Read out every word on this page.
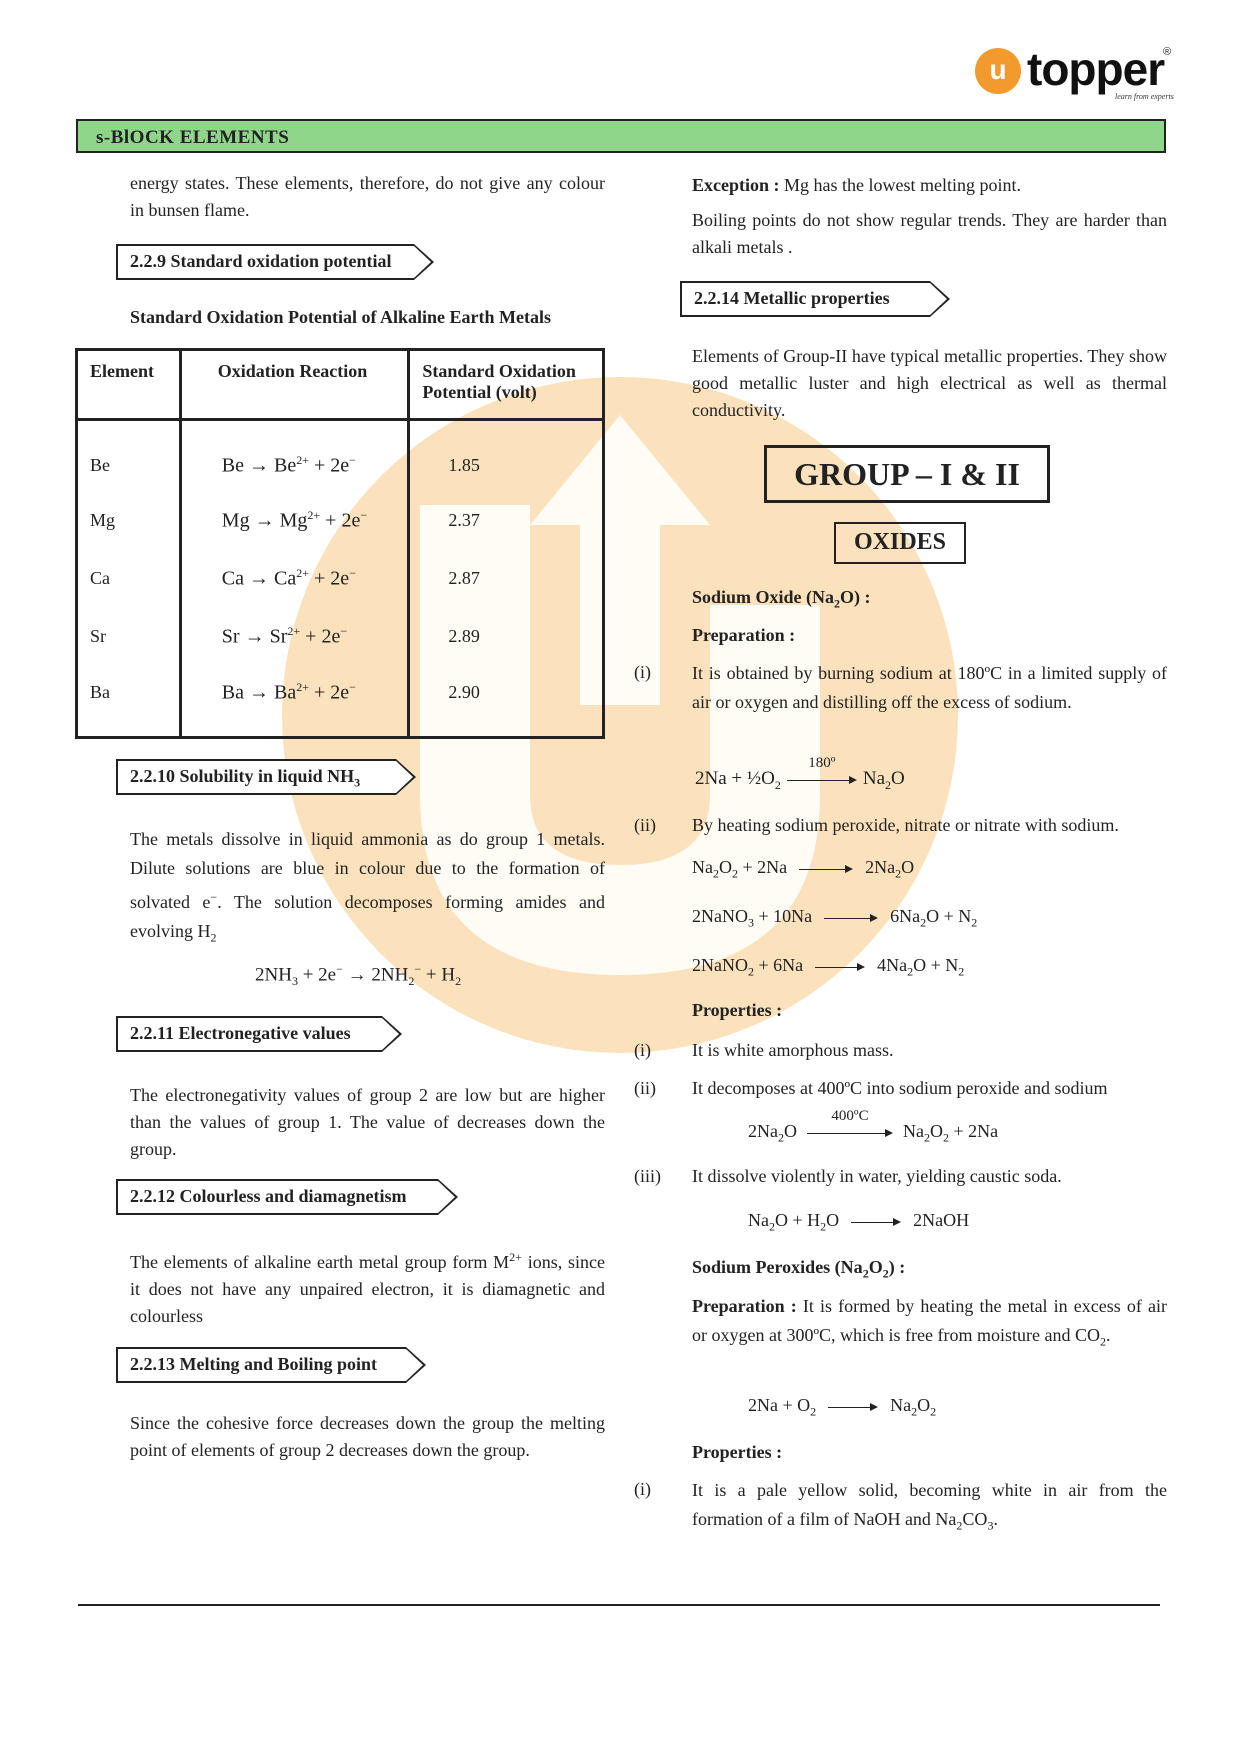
u topper
®
learn from experts
s-BlOCK ELEMENTS
energy states. These elements, therefore, do not give any colour in bunsen flame.
2.2.9 Standard oxidation potential
Standard Oxidation Potential of Alkaline Earth Metals
Element	Oxidation Reaction	Standard Oxidation Potential (volt)
Be	$Be \to Be^{2+} + 2e^-$	1.85
Mg	$Mg \to Mg^{2+} + 2e^-$	2.37
Ca	$Ca \to Ca^{2+} + 2e^-$	2.87
Sr	$Sr \to Sr^{2+} + 2e^-$	2.89
Ba	$Ba \to Ba^{2+} + 2e^-$	2.90
2.2.10 Solubility in liquid $NH_3$
The metals dissolve in liquid ammonia as do group 1 metals. Dilute solutions are blue in colour due to the formation of solvated e−. The solution decomposes forming amides and evolving $H_2$
$2NH_3 + 2e^- \to 2NH_2^- + H_2$
2.2.11 Electronegative values
The electronegativity values of group 2 are low but are higher than the values of group 1. The value of decreases down the group.
2.2.12 Colourless and diamagnetism
The elements of alkaline earth metal group form $M^{2+}$ ions, since it does not have any unpaired electron, it is diamagnetic and colourless
2.2.13 Melting and Boiling point
Since the cohesive force decreases down the group the melting point of elements of group 2 decreases down the group.
Exception : Mg has the lowest melting point.
Boiling points do not show regular trends. They are harder than alkali metals .
2.2.14 Metallic properties
Elements of Group-II have typical metallic properties. They show good metallic luster and high electrical as well as thermal conductivity.
GROUP – I & II
OXIDES
Sodium Oxide $(Na_2O)$ :
Preparation :
(i) It is obtained by burning sodium at 180ºC in a limited supply of air or oxygen and distilling off the excess of sodium.
$2Na + \frac{1}{2}O_2$
180º
$Na_2O$
(ii) By heating sodium peroxide, nitrate or nitrate with sodium.
$Na_2O_2 + 2Na$	$2Na_2O$
2NaNO$_3$ + 10Na	$6Na_2O + N_2$
2NaNO$_2$ + 6Na	$4Na_2O + N_2$
Properties :
(i) It is white amorphous mass.
(ii) It decomposes at 400ºC into sodium peroxide and sodium
$2Na_2O$
400ºC
$Na_2O_2 + 2Na$
(iii) It dissolve violently in water, yielding caustic soda.
$Na_2O + H_2O$	2NaOH
Sodium Peroxides $(Na_2O_2)$ :
Preparation : It is formed by heating the metal in excess of air or oxygen at 300ºC, which is free from moisture and $CO_2$.
$2Na + O_2$	$Na_2O_2$
Properties :
(i) It is a pale yellow solid, becoming white in air from the formation of a film of NaOH and $Na_2CO_3$.
